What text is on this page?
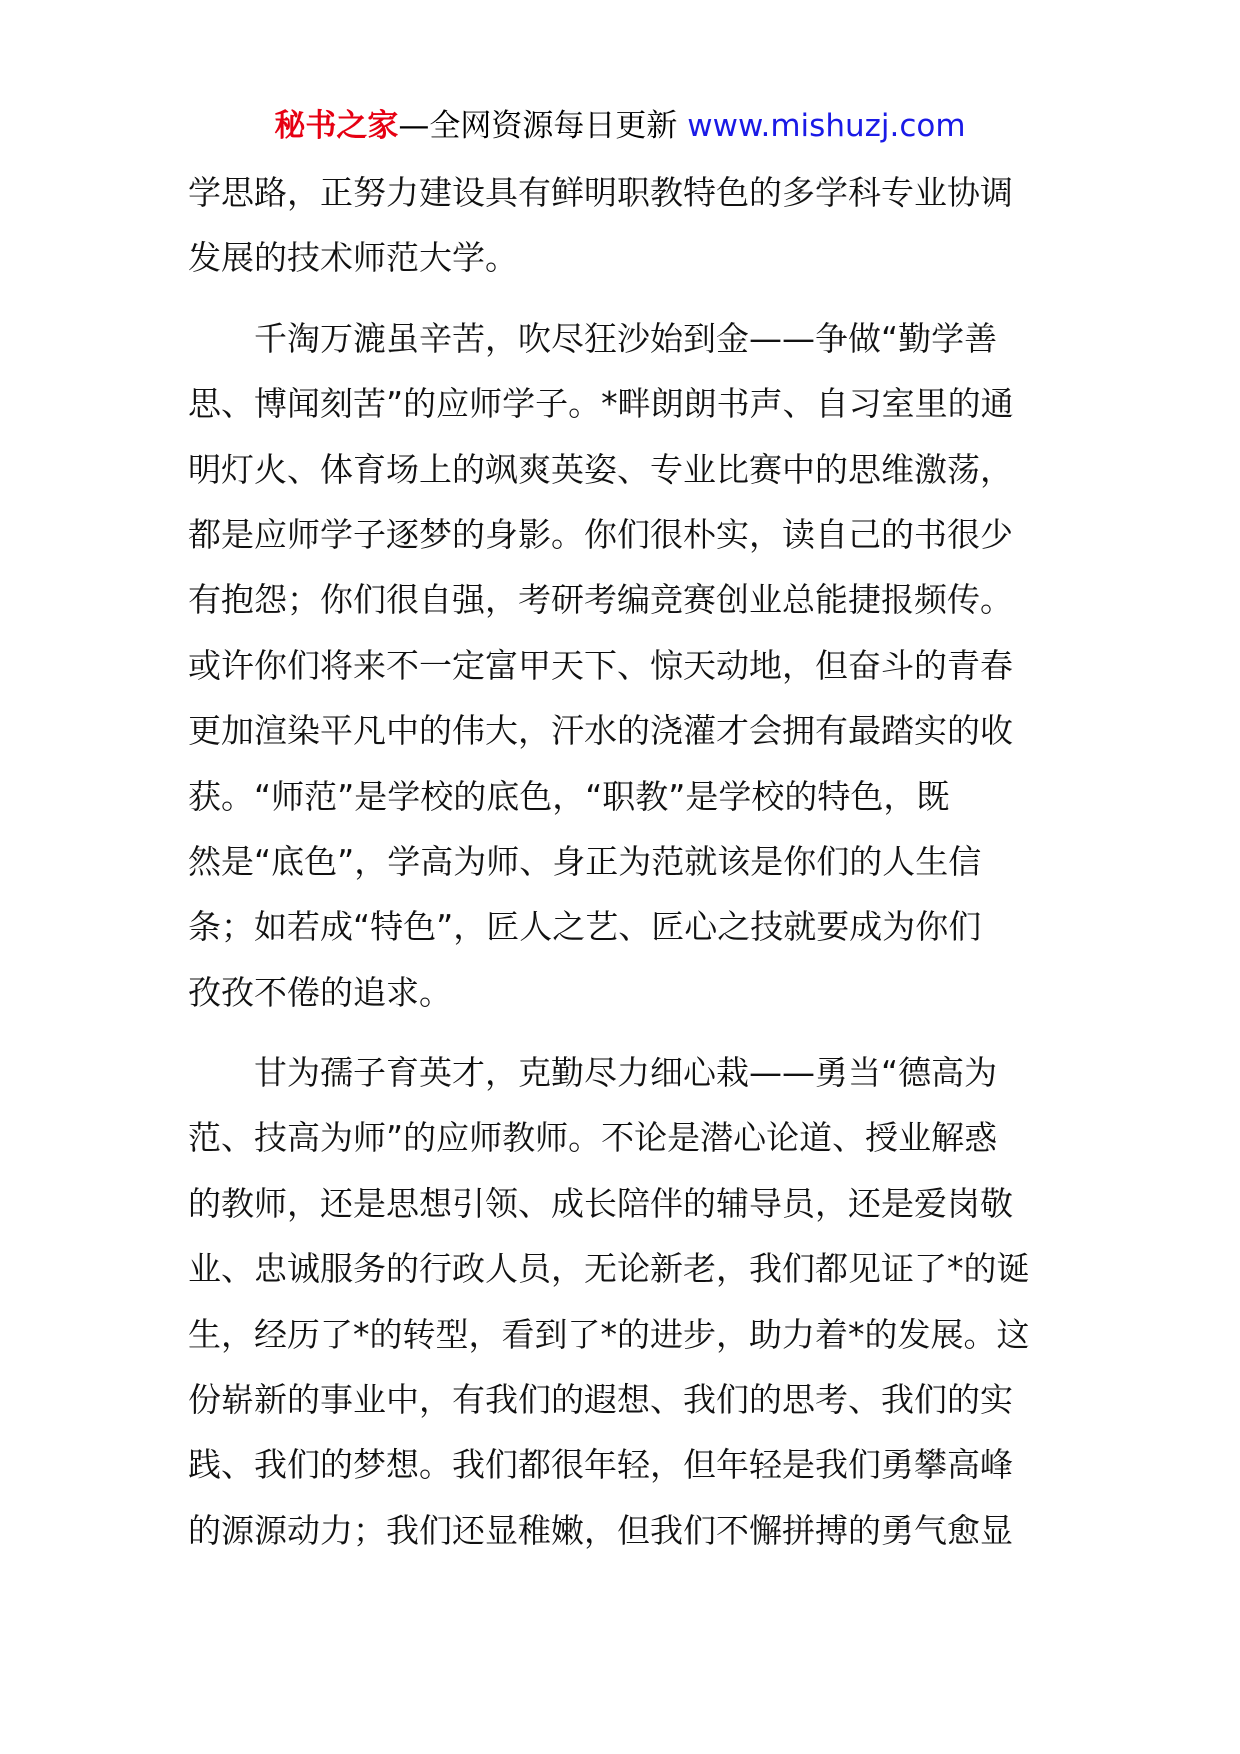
秘书之家—全网资源每日更新 www.mishuzj.com
学思路，正努力建设具有鲜明职教特色的多学科专业协调
发展的技术师范大学。
千淘万漉虽辛苦，吹尽狂沙始到金——争做“勤学善
思、博闻刻苦”的应师学子。*畔朗朗书声、自习室里的通
明灯火、体育场上的飒爽英姿、专业比赛中的思维激荡，
都是应师学子逐梦的身影。你们很朴实，读自己的书很少
有抱怨；你们很自强，考研考编竞赛创业总能捷报频传。
或许你们将来不一定富甲天下、惊天动地，但奋斗的青春
更加渲染平凡中的伟大，汗水的浇灌才会拥有最踏实的收
获。“师范”是学校的底色，“职教”是学校的特色，既
然是“底色”，学高为师、身正为范就该是你们的人生信
条；如若成“特色”，匠人之艺、匠心之技就要成为你们
孜孜不倦的追求。
甘为孺子育英才，克勤尽力细心栽——勇当“德高为
范、技高为师”的应师教师。不论是潜心论道、授业解惑
的教师，还是思想引领、成长陪伴的辅导员，还是爱岗敬
业、忠诚服务的行政人员，无论新老，我们都见证了*的诞
生，经历了*的转型，看到了*的进步，助力着*的发展。这
份崭新的事业中，有我们的遐想、我们的思考、我们的实
践、我们的梦想。我们都很年轻，但年轻是我们勇攀高峰
的源源动力；我们还显稚嫩，但我们不懈拼搏的勇气愈显
